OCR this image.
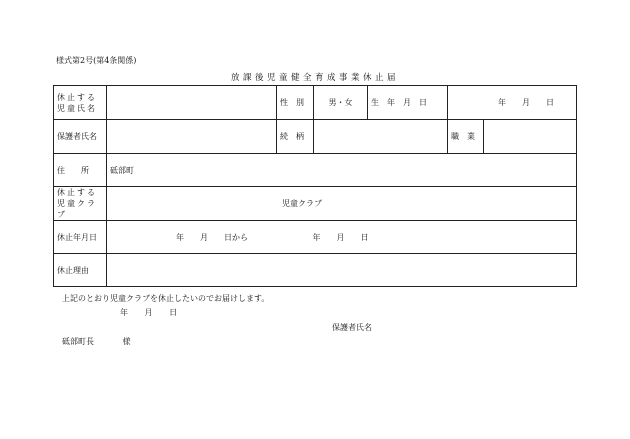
様式第2号(第4条関係)
放課後児童健全育成事業休止届
休止する
児童氏名		性　別	男・女	生　年　月　日	年　　月　　日	
保護者氏名		続　柄			職　業	
住　　所	砥部町					

休止する
児童クラブ	児童クラブ					
休止年月日	年　　月　　日から 年　　月　　日					
休止理由						
上記のとおり児童クラブを休止したいのでお届けします。
年 月 日
保護者氏名
砥部町長 様
